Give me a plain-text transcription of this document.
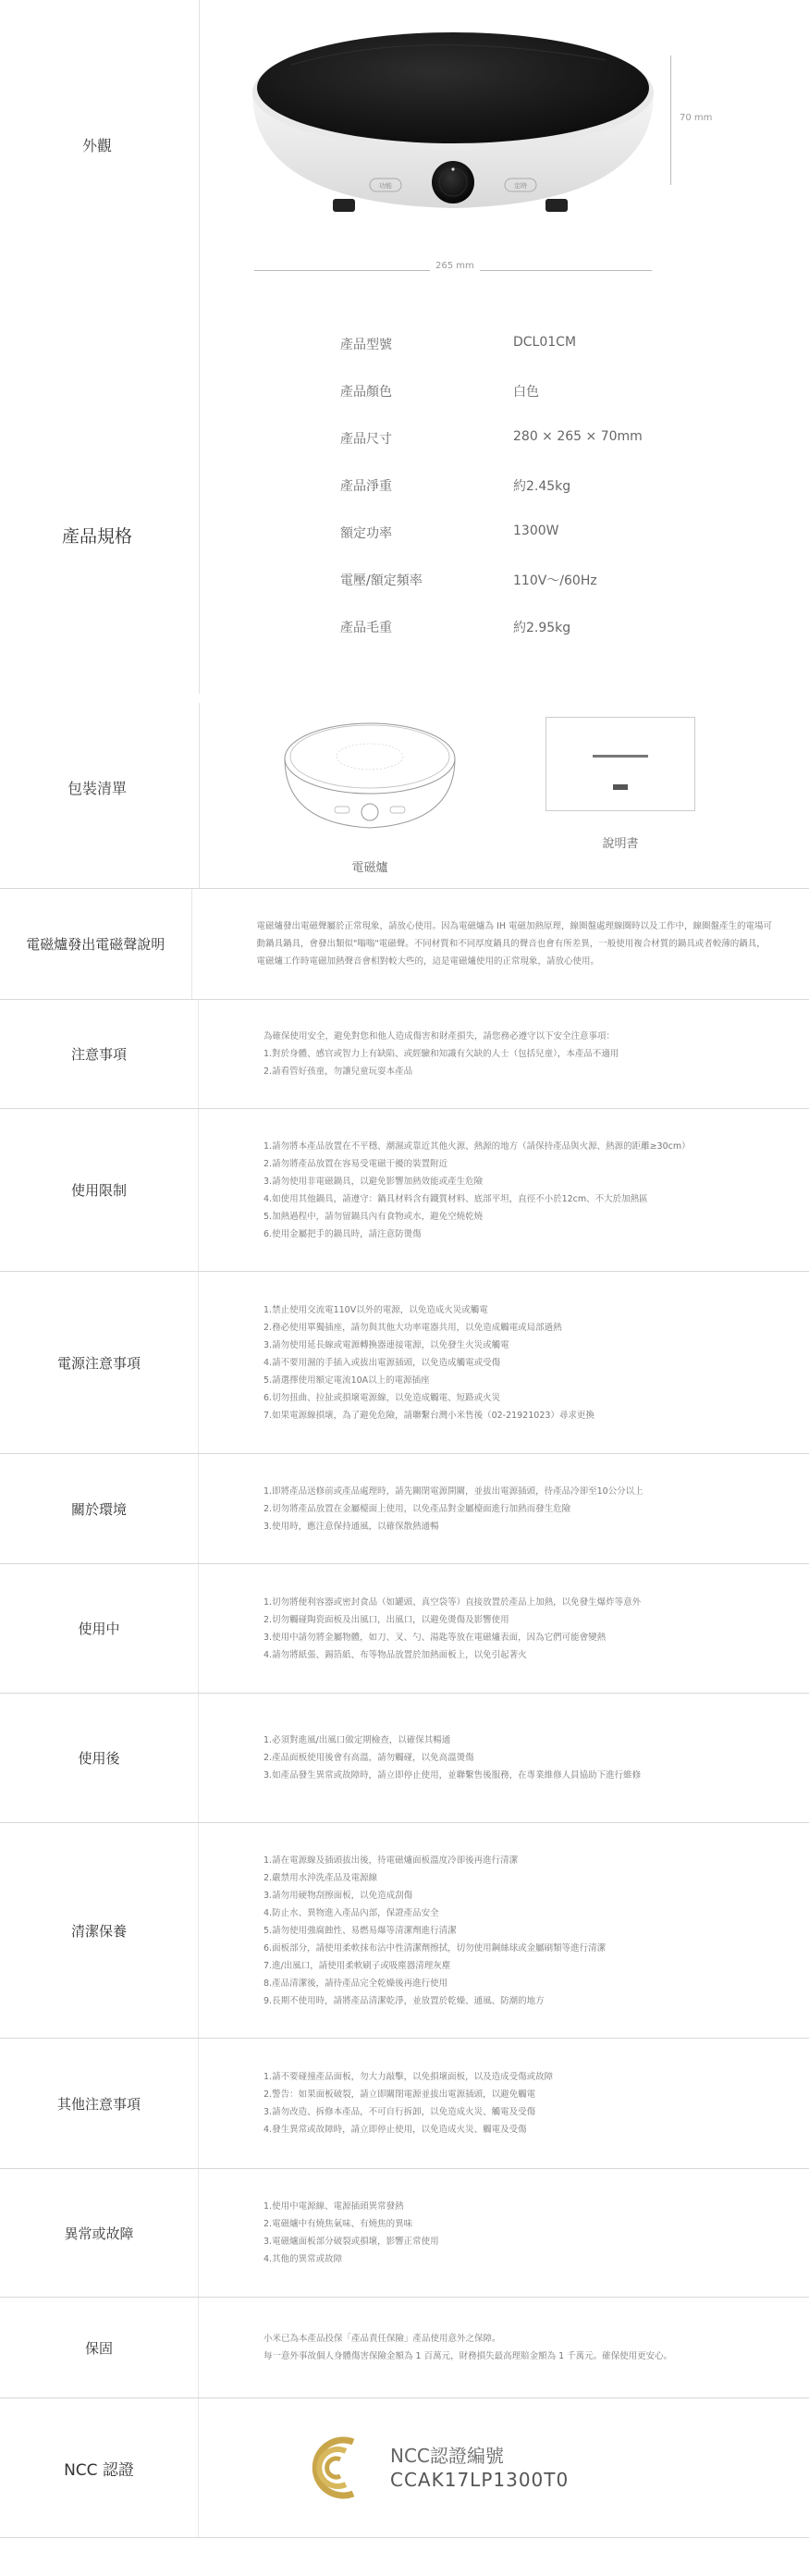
外觀
功能	定時
70 mm
265 mm
產品規格
產品型號	DCL01CM
產品顏色	白色
產品尺寸	280 × 265 × 70mm
產品淨重	約2.45kg
額定功率	1300W
電壓/額定頻率	110V～/60Hz
產品毛重	約2.95kg
包裝清單
電磁爐
說明書
電磁爐發出電磁聲說明

電磁爐發出電磁聲屬於正常現象，請放心使用。因為電磁爐為 IH 電磁加熱原理，線圈盤處理線圈時以及工作中，線圈盤產生的電場可

動鍋具鍋具，會發出類似"嗡嗡"電磁聲。不同材質和不同厚度鍋具的聲音也會有所差異，一般使用複合材質的鍋具或者較薄的鍋具，

電磁爐工作時電磁加熱聲音會相對較大些的，這是電磁爐使用的正常現象，請放心使用。

注意事項

為確保使用安全，避免對您和他人造成傷害和財產損失，請您務必遵守以下安全注意事項：

1.對於身體、感官或智力上有缺陷、或經驗和知識有欠缺的人士（包括兒童），本產品不適用

2.請看管好孩童，勿讓兒童玩耍本產品

使用限制

1.請勿將本產品放置在不平穩、潮濕或靠近其他火源、熱源的地方（請保持產品與火源、熱源的距離≥30cm）

2.請勿將產品放置在容易受電磁干擾的裝置附近

3.請勿使用非電磁鍋具，以避免影響加熱效能或產生危險

4.如使用其他鍋具，請遵守：鍋具材料含有鐵質材料、底部平坦，直徑不小於12cm、不大於加熱區

5.加熱過程中，請勿留鍋具內有食物或水，避免空燒乾燒

6.使用金屬把手的鍋具時，請注意防燙傷

電源注意事項

1.禁止使用交流電110V以外的電源，以免造成火災或觸電

2.務必使用單獨插座，請勿與其他大功率電器共用，以免造成觸電或局部過熱

3.請勿使用延長線或電源轉換器連接電源，以免發生火災或觸電

4.請不要用濕的手插入或拔出電源插頭，以免造成觸電或受傷

5.請選擇使用額定電流10A以上的電源插座

6.切勿扭曲、拉扯或損壞電源線，以免造成觸電、短路或火災

7.如果電源線損壞，為了避免危險，請聯繫台灣小米售後（02-21921023）尋求更換

關於環境

1.即將產品送修前或產品處理時，請先關閉電源開關，並拔出電源插頭，待產品冷卻至10公分以上

2.切勿將產品放置在金屬檯面上使用，以免產品對金屬檯面進行加熱而發生危險

3.使用時，應注意保持通風，以確保散熱通暢

使用中

1.切勿將便利容器或密封食品（如罐頭、真空袋等）直接放置於產品上加熱，以免發生爆炸等意外

2.切勿觸碰陶瓷面板及出風口，出風口，以避免燙傷及影響使用

3.使用中請勿將金屬物體，如刀、叉、勺、湯匙等放在電磁爐表面，因為它們可能會變熱

4.請勿將紙張、錫箔紙、布等物品放置於加熱面板上，以免引起著火

使用後

1.必須對進風/出風口做定期檢查，以確保其暢通

2.產品面板使用後會有高溫，請勿觸碰，以免高溫燙傷

3.如產品發生異常或故障時，請立即停止使用，並聯繫售後服務，在專業維修人員協助下進行維修

清潔保養

1.請在電源線及插頭拔出後，待電磁爐面板溫度冷卻後再進行清潔

2.嚴禁用水沖洗產品及電源線

3.請勿用硬物刮擦面板，以免造成刮傷

4.防止水、異物進入產品內部，保證產品安全

5.請勿使用強腐蝕性、易燃易爆等清潔劑進行清潔

6.面板部分，請使用柔軟抹布沾中性清潔劑擦拭，切勿使用鋼絲球或金屬刷類等進行清潔

7.進/出風口，請使用柔軟刷子或吸塵器清理灰塵

8.產品清潔後，請待產品完全乾燥後再進行使用

9.長期不使用時，請將產品清潔乾淨，並放置於乾燥、通風、防潮的地方

其他注意事項

1.請不要碰撞產品面板，勿大力敲擊，以免損壞面板，以及造成受傷或故障

2.警告：如果面板破裂，請立即關閉電源並拔出電源插頭，以避免觸電

3.請勿改造、拆修本產品，不可自行拆卸，以免造成火災、觸電及受傷

4.發生異常或故障時，請立即停止使用，以免造成火災、觸電及受傷

異常或故障

1.使用中電源線、電源插頭異常發熱

2.電磁爐中有燒焦氣味、有燒焦的異味

3.電磁爐面板部分破裂或損壞，影響正常使用

4.其他的異常或故障

保固

小米已為本產品投保「產品責任保險」產品使用意外之保障。

每一意外事故個人身體傷害保險金額為 1 百萬元，財務損失最高理賠金額為 1 千萬元。確保使用更安心。

NCC 認證
NCC認證編號
CCAK17LP1300T0
